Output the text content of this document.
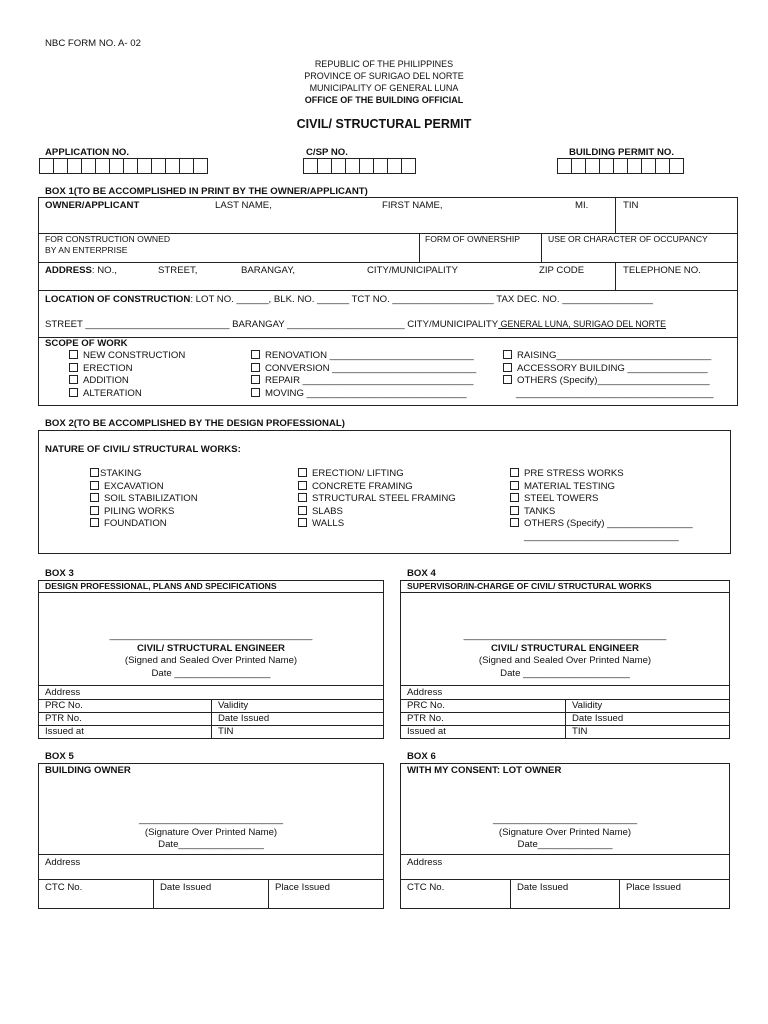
NBC FORM NO. A- 02
REPUBLIC OF THE PHILIPPINES
PROVINCE OF SURIGAO DEL NORTE
MUNICIPALITY OF GENERAL LUNA
OFFICE OF THE BUILDING OFFICIAL
CIVIL/ STRUCTURAL PERMIT
APPLICATION NO.	C/SP NO.	BUILDING PERMIT NO.
BOX 1(TO BE ACCOMPLISHED IN PRINT BY THE OWNER/APPLICANT)
OWNER/APPLICANT	LAST NAME,	FIRST NAME,	MI.	TIN
FOR CONSTRUCTION OWNED
BY AN ENTERPRISE
FORM OF OWNERSHIP	USE OR CHARACTER OF OCCUPANCY
ADDRESS: NO.,	STREET,	BARANGAY,	CITY/MUNICIPALITY	ZIP CODE	TELEPHONE NO.
LOCATION OF CONSTRUCTION: LOT NO. ______, BLK. NO. ______ TCT NO. ___________________ TAX DEC. NO. _________________
STREET ___________________________ BARANGAY ______________________ CITY/MUNICIPALITY GENERAL LUNA, SURIGAO DEL NORTE
SCOPE OF WORK
NEW CONSTRUCTION
ERECTION
ADDITION
ALTERATION
RENOVATION ___________________________
CONVERSION ___________________________
REPAIR ________________________________
MOVING ______________________________
RAISING_____________________________
ACCESSORY BUILDING _______________
OTHERS (Specify)_____________________
_____________________________________
BOX 2(TO BE ACCOMPLISHED BY THE DESIGN PROFESSIONAL)
NATURE OF CIVIL/ STRUCTURAL WORKS:
STAKING
EXCAVATION
SOIL STABILIZATION
PILING WORKS
FOUNDATION
ERECTION/ LIFTING
CONCRETE FRAMING
STRUCTURAL STEEL FRAMING
SLABS
WALLS
PRE STRESS WORKS
MATERIAL TESTING
STEEL TOWERS
TANKS
OTHERS (Specify) ________________
_____________________________
BOX 3
DESIGN PROFESSIONAL, PLANS AND SPECIFICATIONS
______________________________________
CIVIL/ STRUCTURAL ENGINEER
(Signed and Sealed Over Printed Name)
Date __________________
Address
PRC No.	Validity
PTR No.	Date Issued
Issued at	TIN
BOX 4
SUPERVISOR/IN-CHARGE OF CIVIL/ STRUCTURAL WORKS
______________________________________
CIVIL/ STRUCTURAL ENGINEER
(Signed and Sealed Over Printed Name)
Date ____________________
Address
PRC No.	Validity
PTR No.	Date Issued
Issued at	TIN
BOX 5
BUILDING OWNER
___________________________
(Signature Over Printed Name)
Date________________
Address
CTC No.	Date Issued	Place Issued
BOX 6
WITH MY CONSENT: LOT OWNER
___________________________
(Signature Over Printed Name)
Date______________
Address
CTC No.	Date Issued	Place Issued
